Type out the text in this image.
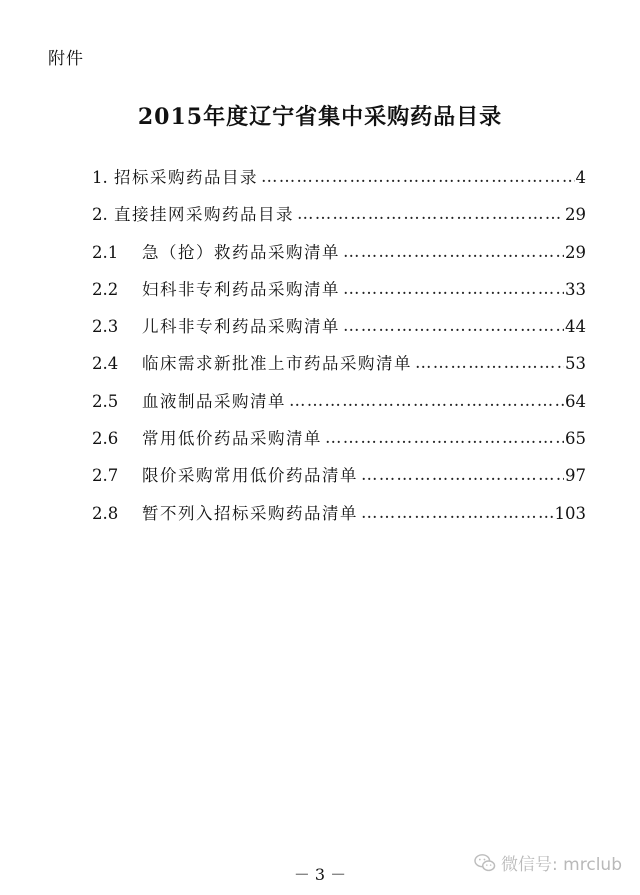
附件
2015年度辽宁省集中采购药品目录
1. 招标采购药品目录 …………………………………………………………………………………………………………………………………	4
2. 直接挂网采购药品目录 …………………………………………………………………………………………………………………………………	29
2.1	急（抢）救药品采购清单 …………………………………………………………………………………………………………………………………	29
2.2	妇科非专利药品采购清单 …………………………………………………………………………………………………………………………………	33
2.3	儿科非专利药品采购清单 …………………………………………………………………………………………………………………………………	44
2.4	临床需求新批准上市药品采购清单 …………………………………………………………………………………………………………………………………	53
2.5	血液制品采购清单 …………………………………………………………………………………………………………………………………	64
2.6	常用低价药品采购清单 …………………………………………………………………………………………………………………………………	65
2.7	限价采购常用低价药品清单 …………………………………………………………………………………………………………………………………	97
2.8	暂不列入招标采购药品清单 …………………………………………………………………………………………………………………………………	103
－ 3 －	微信号: mrclub
